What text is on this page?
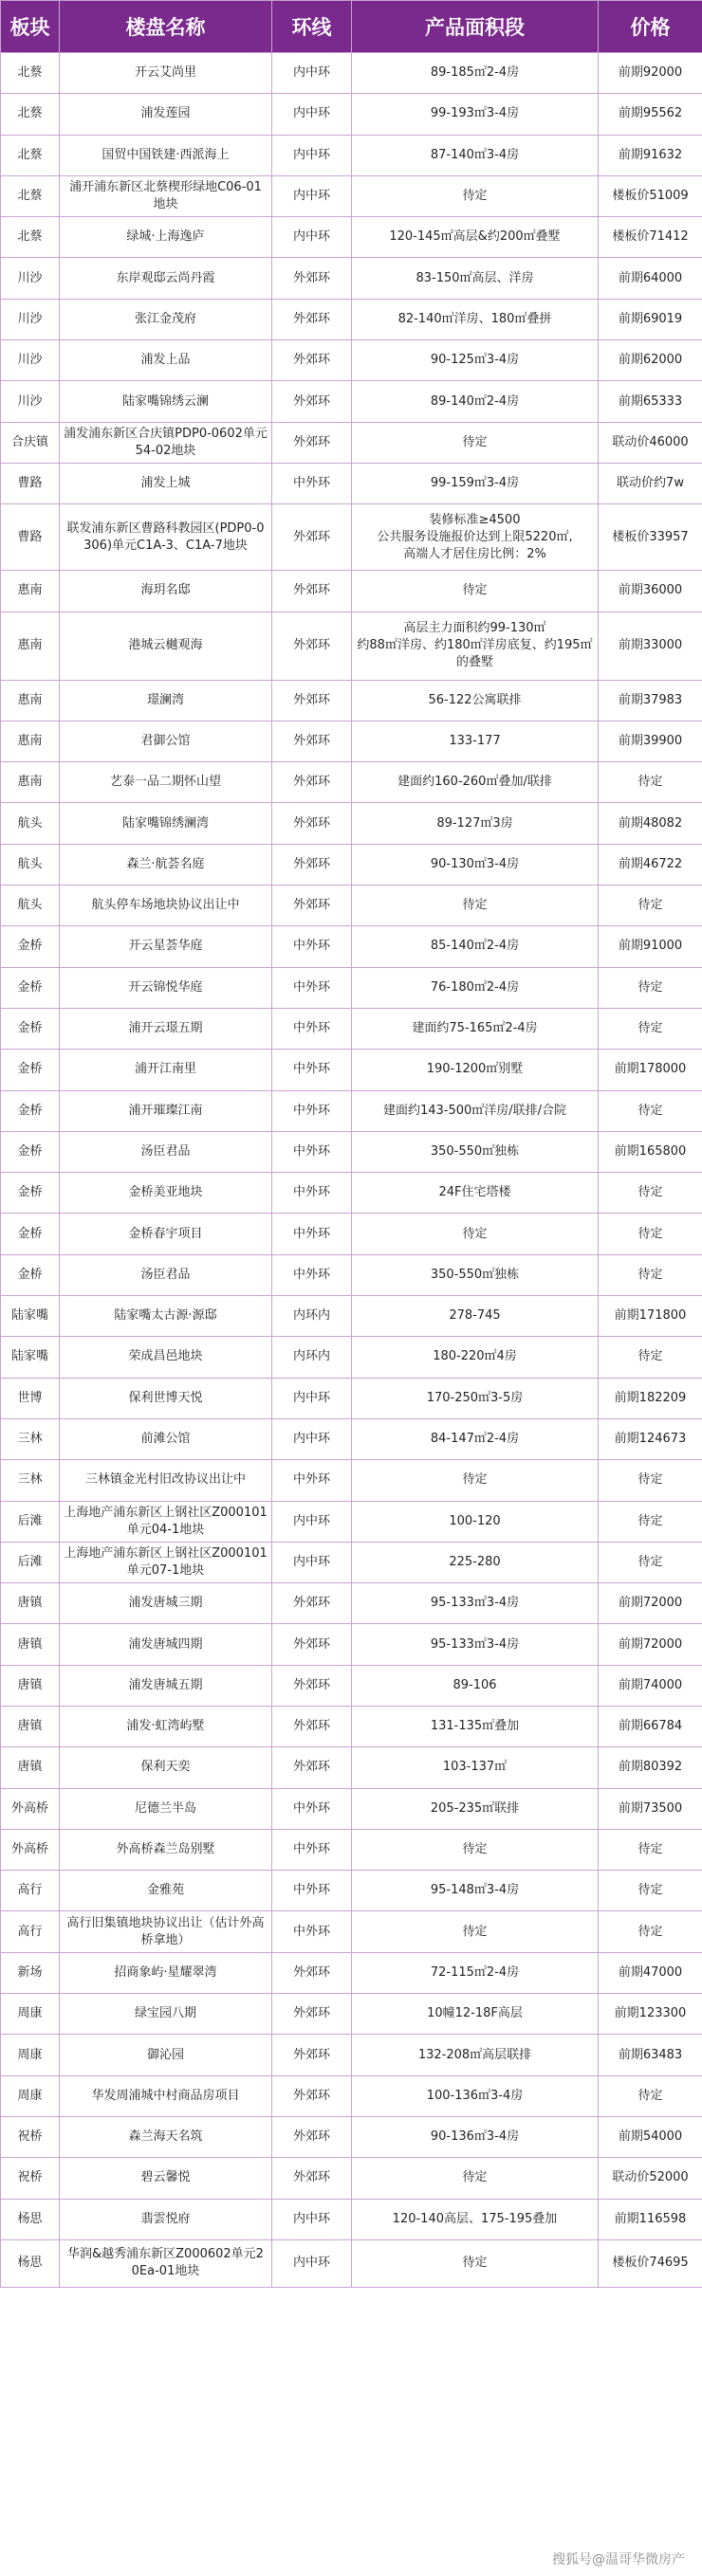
板块	楼盘名称	环线	产品面积段	价格
北蔡	开云艾尚里	内中环	89-185㎡2-4房	前期92000
北蔡	浦发莲园	内中环	99-193㎡3-4房	前期95562
北蔡	国贸中国铁建·西派海上	内中环	87-140㎡3-4房	前期91632
北蔡	浦开浦东新区北蔡楔形绿地C06-01地块	内中环	待定	楼板价51009
北蔡	绿城·上海逸庐	内中环	120-145㎡高层&约200㎡叠墅	楼板价71412
川沙	东岸观邸云尚丹霞	外郊环	83-150㎡高层、洋房	前期64000
川沙	张江金茂府	外郊环	82-140㎡洋房、180㎡叠拼	前期69019
川沙	浦发上品	外郊环	90-125㎡3-4房	前期62000
川沙	陆家嘴锦绣云澜	外郊环	89-140㎡2-4房	前期65333
合庆镇	浦发浦东新区合庆镇PDP0-0602单元54-02地块	外郊环	待定	联动价46000
曹路	浦发上城	中外环	99-159㎡3-4房	联动价约7w
曹路	联发浦东新区曹路科教园区(PDP0-0306)单元C1A-3、C1A-7地块	外郊环	装修标准≥4500
公共服务设施报价达到上限5220㎡,
高端人才居住房比例：2%	楼板价33957
惠南	海玥名邸	外郊环	待定	前期36000
惠南	港城云樾观海	外郊环	高层主力面积约99-130㎡
约88㎡洋房、约180㎡洋房底复、约195㎡的叠墅	前期33000
惠南	璟澜湾	外郊环	56-122公寓联排	前期37983
惠南	君御公馆	外郊环	133-177	前期39900
惠南	艺泰一品二期怀山望	外郊环	建面约160-260㎡叠加/联排	待定
航头	陆家嘴锦绣澜湾	外郊环	89-127㎡3房	前期48082
航头	森兰·航荟名庭	外郊环	90-130㎡3-4房	前期46722
航头	航头停车场地块协议出让中	外郊环	待定	待定
金桥	开云星荟华庭	中外环	85-140㎡2-4房	前期91000
金桥	开云锦悦华庭	中外环	76-180㎡2-4房	待定
金桥	浦开云璟五期	中外环	建面约75-165㎡2-4房	待定
金桥	浦开江南里	中外环	190-1200㎡别墅	前期178000
金桥	浦开璀璨江南	中外环	建面约143-500㎡洋房/联排/合院	待定
金桥	汤臣君品	中外环	350-550㎡独栋	前期165800
金桥	金桥美亚地块	中外环	24F住宅塔楼	待定
金桥	金桥春宇项目	中外环	待定	待定
金桥	汤臣君品	中外环	350-550㎡独栋	待定
陆家嘴	陆家嘴太古源·源邸	内环内	278-745	前期171800
陆家嘴	荣成昌邑地块	内环内	180-220㎡4房	待定
世博	保利世博天悦	内中环	170-250㎡3-5房	前期182209
三林	前滩公馆	内中环	84-147㎡2-4房	前期124673
三林	三林镇金光村旧改协议出让中	中外环	待定	待定
后滩	上海地产浦东新区上钢社区Z000101单元04-1地块	内中环	100-120	待定
后滩	上海地产浦东新区上钢社区Z000101单元07-1地块	内中环	225-280	待定
唐镇	浦发唐城三期	外郊环	95-133㎡3-4房	前期72000
唐镇	浦发唐城四期	外郊环	95-133㎡3-4房	前期72000
唐镇	浦发唐城五期	外郊环	89-106	前期74000
唐镇	浦发·虹湾屿墅	外郊环	131-135㎡叠加	前期66784
唐镇	保利天奕	外郊环	103-137㎡	前期80392
外高桥	尼德兰半岛	中外环	205-235㎡联排	前期73500
外高桥	外高桥森兰岛别墅	中外环	待定	待定
高行	金雅苑	中外环	95-148㎡3-4房	待定
高行	高行旧集镇地块协议出让（估计外高桥拿地）	中外环	待定	待定
新场	招商象屿·星耀翠湾	外郊环	72-115㎡2-4房	前期47000
周康	绿宝园八期	外郊环	10幢12-18F高层	前期123300
周康	御沁园	外郊环	132-208㎡高层联排	前期63483
周康	华发周浦城中村商品房项目	外郊环	100-136㎡3-4房	待定
祝桥	森兰海天名筑	外郊环	90-136㎡3-4房	前期54000
祝桥	碧云馨悦	外郊环	待定	联动价52000
杨思	翡雲悦府	内中环	120-140高层、175-195叠加	前期116598
杨思	华润&越秀浦东新区Z000602单元20Ea-01地块	内中环	待定	楼板价74695
搜狐号@温哥华微房产
